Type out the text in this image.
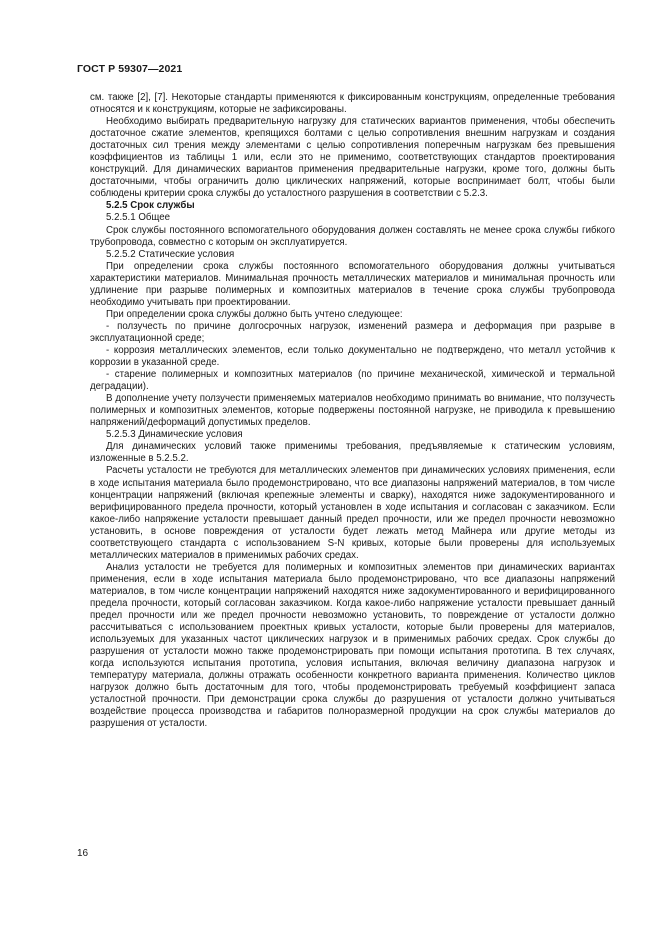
ГОСТ Р 59307—2021

см. также [2], [7]. Некоторые стандарты применяются к фиксированным конструкциям, определенные требования относятся и к конструкциям, которые не зафиксированы.

Необходимо выбирать предварительную нагрузку для статических вариантов применения, чтобы обеспечить достаточное сжатие элементов, крепящихся болтами с целью сопротивления внешним нагрузкам и создания достаточных сил трения между элементами с целью сопротивления поперечным нагрузкам без превышения коэффициентов из таблицы 1 или, если это не применимо, соответствующих стандартов проектирования конструкций. Для динамических вариантов применения предварительные нагрузки, кроме того, должны быть достаточными, чтобы ограничить долю циклических напряжений, которые воспринимает болт, чтобы были соблюдены критерии срока службы до усталостного разрушения в соответствии с 5.2.3.

5.2.5 Срок службы

5.2.5.1 Общее

Срок службы постоянного вспомогательного оборудования должен составлять не менее срока службы гибкого трубопровода, совместно с которым он эксплуатируется.

5.2.5.2 Статические условия

При определении срока службы постоянного вспомогательного оборудования должны учитываться характеристики материалов. Минимальная прочность металлических материалов и минимальная прочность или удлинение при разрыве полимерных и композитных материалов в течение срока службы трубопровода необходимо учитывать при проектировании.

При определении срока службы должно быть учтено следующее:

- ползучесть по причине долгосрочных нагрузок, изменений размера и деформация при разрыве в эксплуатационной среде;

- коррозия металлических элементов, если только документально не подтверждено, что металл устойчив к коррозии в указанной среде.

- старение полимерных и композитных материалов (по причине механической, химической и термальной деградации).

В дополнение учету ползучести применяемых материалов необходимо принимать во внимание, что ползучесть полимерных и композитных элементов, которые подвержены постоянной нагрузке, не приводила к превышению напряжений/деформаций допустимых пределов.

5.2.5.3 Динамические условия

Для динамических условий также применимы требования, предъявляемые к статическим условиям, изложенные в 5.2.5.2.

Расчеты усталости не требуются для металлических элементов при динамических условиях применения, если в ходе испытания материала было продемонстрировано, что все диапазоны напряжений материалов, в том числе концентрации напряжений (включая крепежные элементы и сварку), находятся ниже задокументированного и верифицированного предела прочности, который установлен в ходе испытания и согласован с заказчиком. Если какое-либо напряжение усталости превышает данный предел прочности, или же предел прочности невозможно установить, в основе повреждения от усталости будет лежать метод Майнера или другие методы из соответствующего стандарта с использованием S-N кривых, которые были проверены для используемых металлических материалов в применимых рабочих средах.

Анализ усталости не требуется для полимерных и композитных элементов при динамических вариантах применения, если в ходе испытания материала было продемонстрировано, что все диапазоны напряжений материалов, в том числе концентрации напряжений находятся ниже задокументированного и верифицированного предела прочности, который согласован заказчиком. Когда какое-либо напряжение усталости превышает данный предел прочности или же предел прочности невозможно установить, то повреждение от усталости должно рассчитываться с использованием проектных кривых усталости, которые были проверены для материалов, используемых для указанных частот циклических нагрузок и в применимых рабочих средах. Срок службы до разрушения от усталости можно также продемонстрировать при помощи испытания прототипа. В тех случаях, когда используются испытания прототипа, условия испытания, включая величину диапазона нагрузок и температуру материала, должны отражать особенности конкретного варианта применения. Количество циклов нагрузок должно быть достаточным для того, чтобы продемонстрировать требуемый коэффициент запаса усталостной прочности. При демонстрации срока службы до разрушения от усталости должно учитываться воздействие процесса производства и габаритов полноразмерной продукции на срок службы материалов до разрушения от усталости.

16
